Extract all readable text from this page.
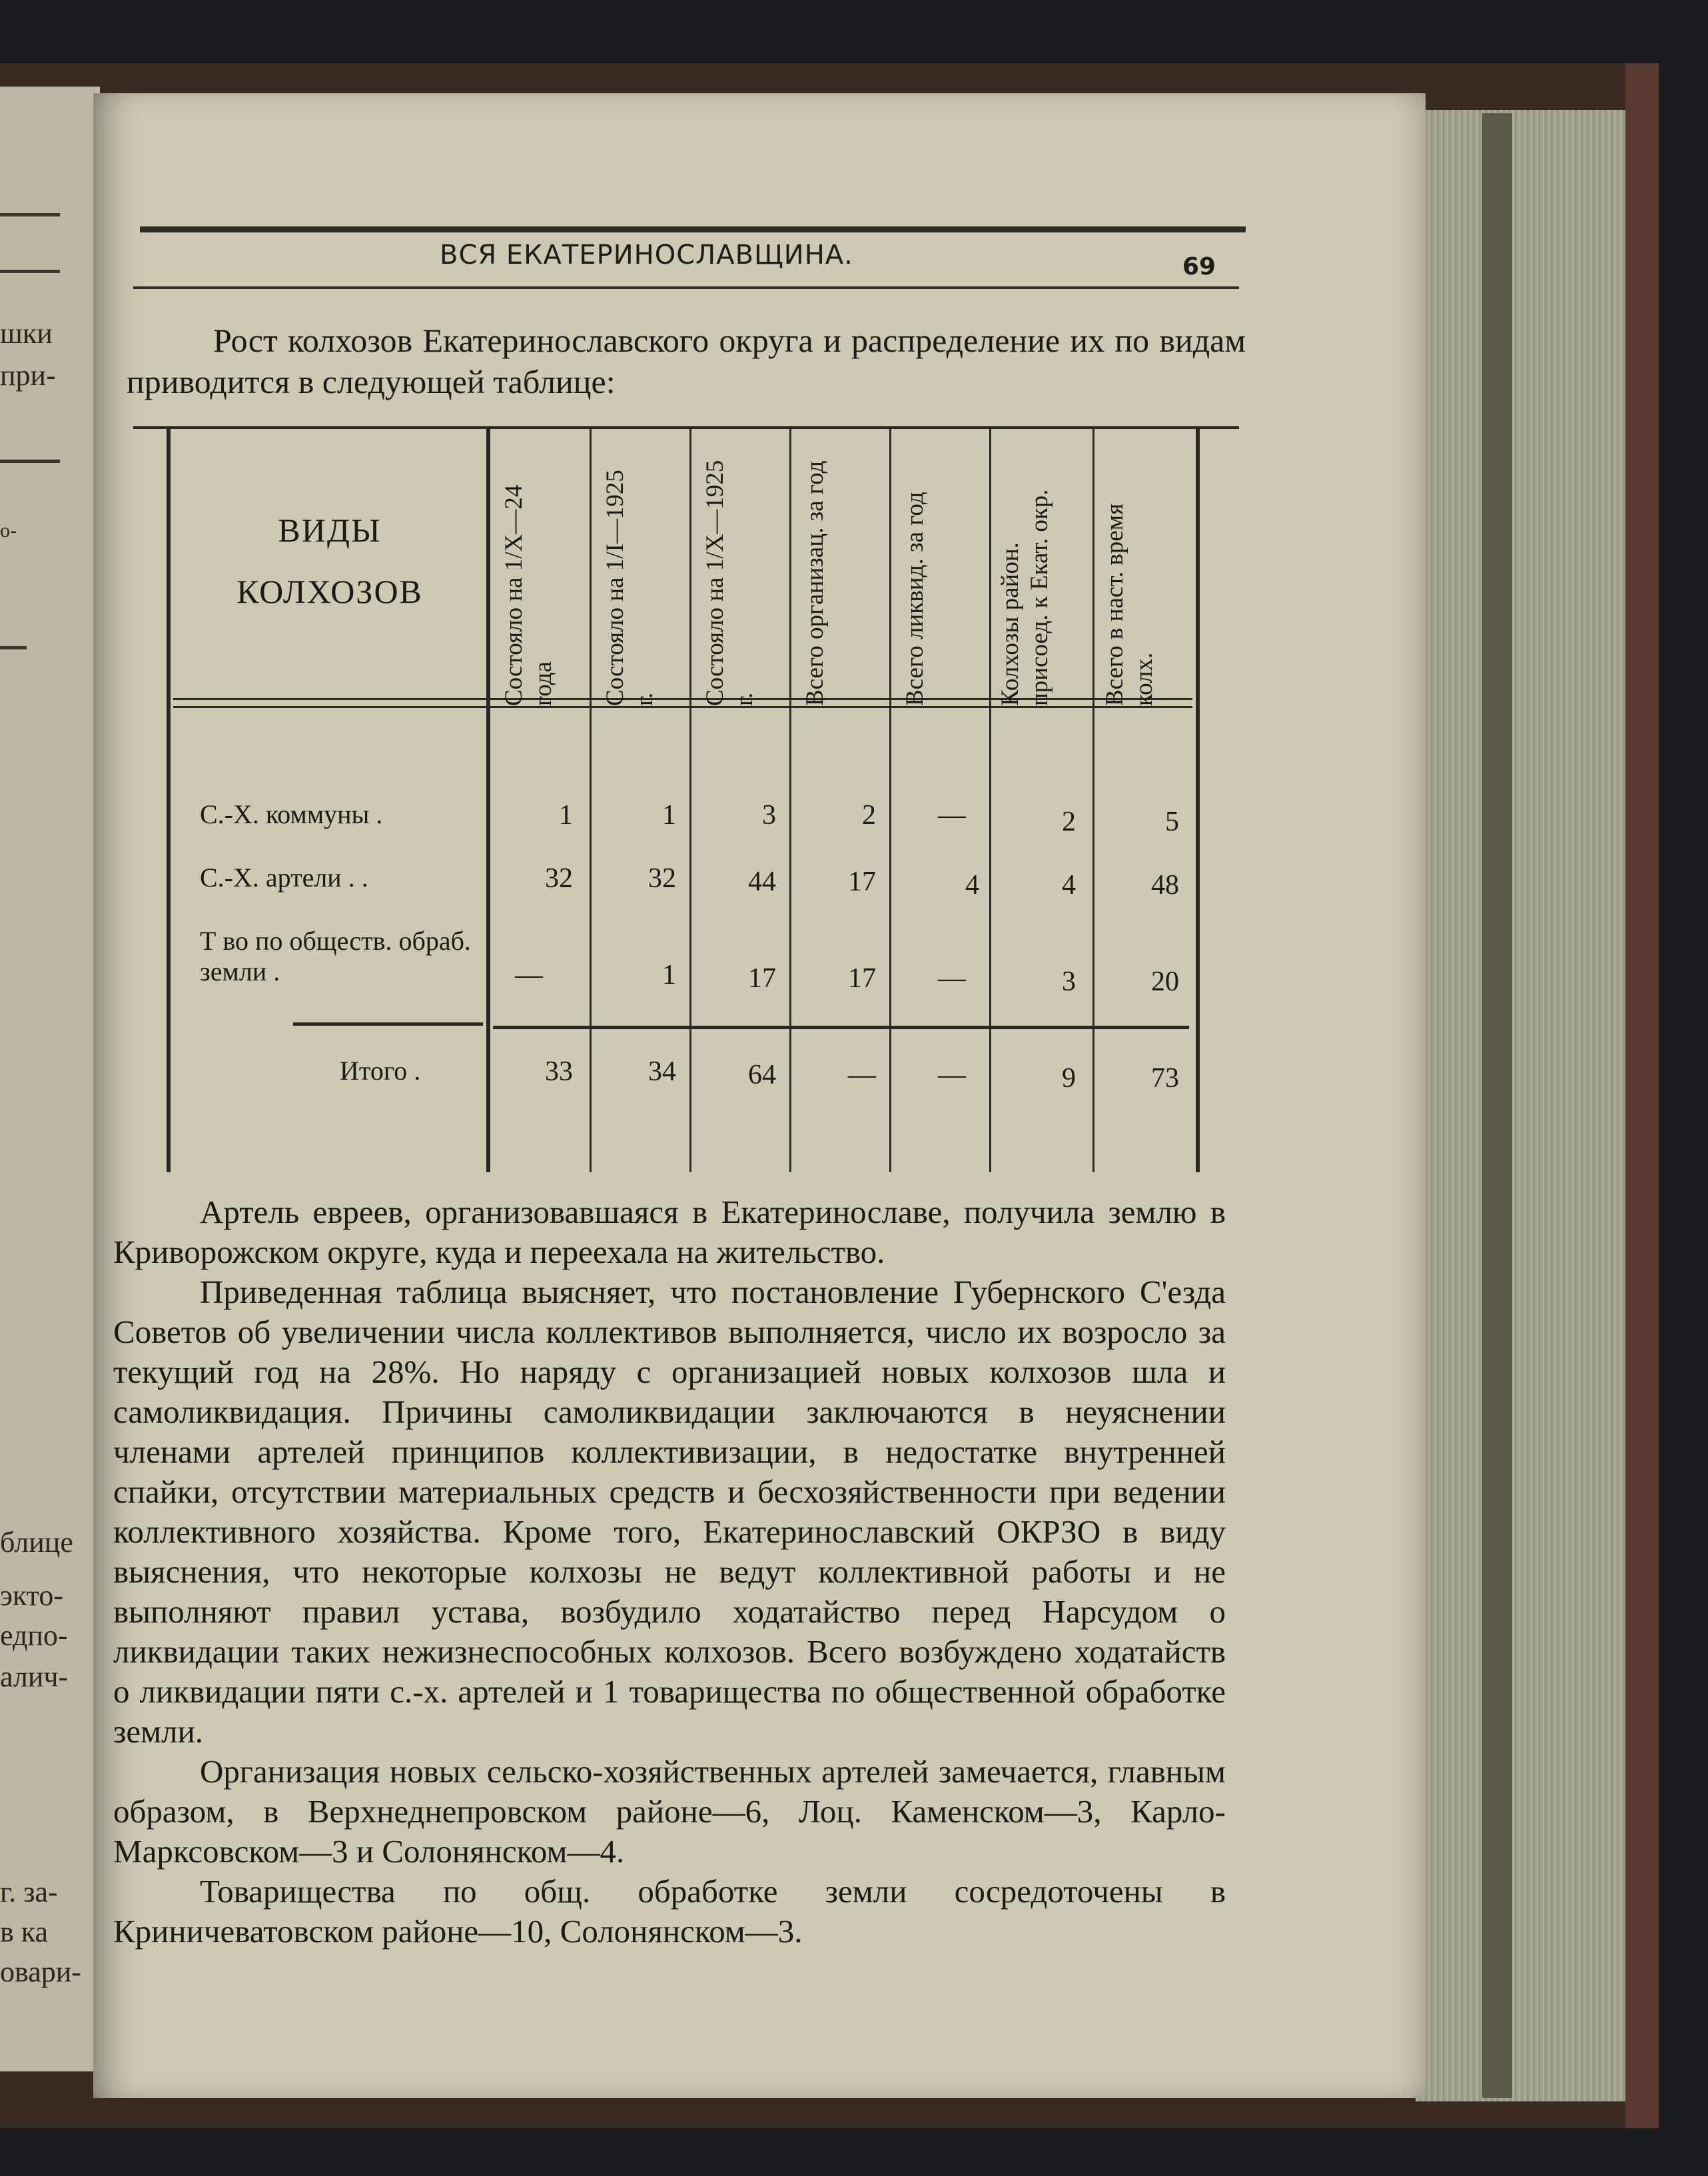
шки
при-
о-
блице
экто-
едпо-
алич-
г. за-
в ка
овари-
ВСЯ ЕКАТЕРИНОСЛАВЩИНА.	69
Рост колхозов Екатеринославского округа и распределение их по видам приводится в следующей таблице:
ВИДЫ
КОЛХОЗОВ	Состояло на 1/X—24 года	Состояло на 1/I—1925 г.	Состояло на 1/X—1925 г.	Всего организац. за год	Всего ликвид. за год	Колхозы район. присоед. к Екат. окр.	Всего в наст. время колх.
С.-Х. коммуны .	1	1	3	2	—	2	5
С.-Х. артели . .	32	32	44	17	4	4	48
Т во по обществ. обраб. земли .	—	1	17	17	—	3	20
Итого .	33	34	64	—	—	9	73

Артель евреев, организовавшаяся в Екатеринославе, получила землю в Криворожском округе, куда и переехала на жительство.

Приведенная таблица выясняет, что постановление Губернского С'езда Советов об увеличении числа коллективов выполняется, число их возросло за текущий год на 28%. Но наряду с организацией новых колхозов шла и самоликвидация. Причины самоликвидации заключаются в неуяснении членами артелей принципов коллективизации, в недостатке внутренней спайки, отсутствии материальных средств и бесхозяйственности при ведении коллективного хозяйства. Кроме того, Екатеринославский ОКРЗО в виду выяснения, что некоторые колхозы не ведут коллективной работы и не выполняют правил устава, возбудило ходатайство перед Нарсудом о ликвидации таких нежизнеспособных колхозов. Всего возбуждено ходатайств о ликвидации пяти с.-х. артелей и 1 товарищества по общественной обработке земли.

Организация новых сельско-хозяйственных артелей замечается, главным образом, в Верхнеднепровском районе—6, Лоц. Каменском—3, Карло-Марксовском—3 и Солонянском—4.

Товарищества по общ. обработке земли сосредоточены в Криничеватовском районе—10, Солонянском—3.
